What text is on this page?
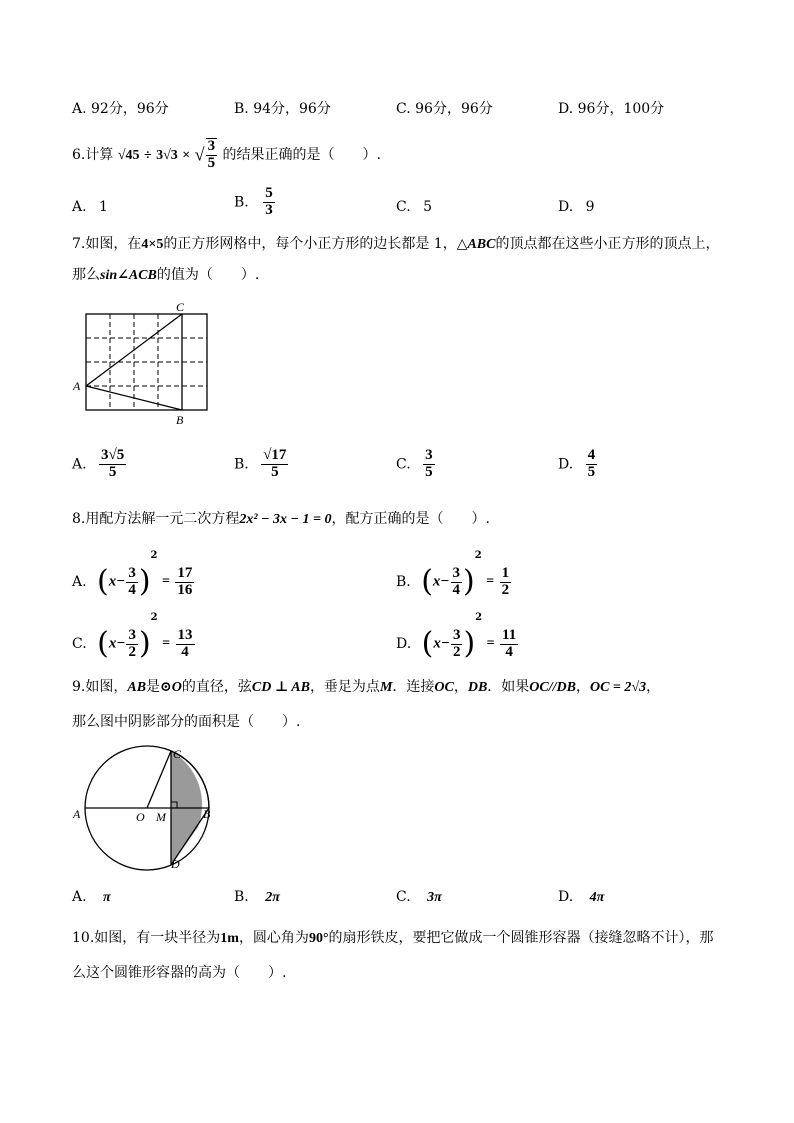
A. 92分，96分	B. 94分，96分	C. 96分，96分	D. 96分，100分
6.计算 √45 ÷ 3√3 × √ $\frac{3}{5}$ 的结果正确的是（　　）.
A. 1	B. $\frac{5}{3}$	C. 5	D. 9
7.如图，在4×5的正方形网格中，每个小正方形的边长都是 1，△ABC的顶点都在这些小正方形的顶点上，
那么sin∠ACB的值为（　　）.
A
B
C
A. $\frac{3√5}{5}$	B. $\frac{√17}{5}$	C. $\frac{3}{5}$	D. $\frac{4}{5}$
8.用配方法解一元二次方程2x² − 3x − 1 = 0，配方正确的是（　　）.
A. $(x- \frac{3}{4} )^2 = \frac{17}{16}$	B. $(x- \frac{3}{4} )^2 = \frac{1}{2}$
C. $(x- \frac{3}{2} )^2 = \frac{13}{4}$	D. $(x- \frac{3}{2} )^2 = \frac{11}{4}$
9.如图，AB是⊙O的直径，弦CD ⊥ AB，垂足为点M．连接OC，DB．如果OC//DB，OC = 2√3，
那么图中阴影部分的面积是（　　）.
A	B
C
D
O M
A. π	B. 2π	C. 3π	D. 4π
10.如图，有一块半径为1m，圆心角为90°的扇形铁皮，要把它做成一个圆锥形容器（接缝忽略不计），那
么这个圆锥形容器的高为（　　）.
